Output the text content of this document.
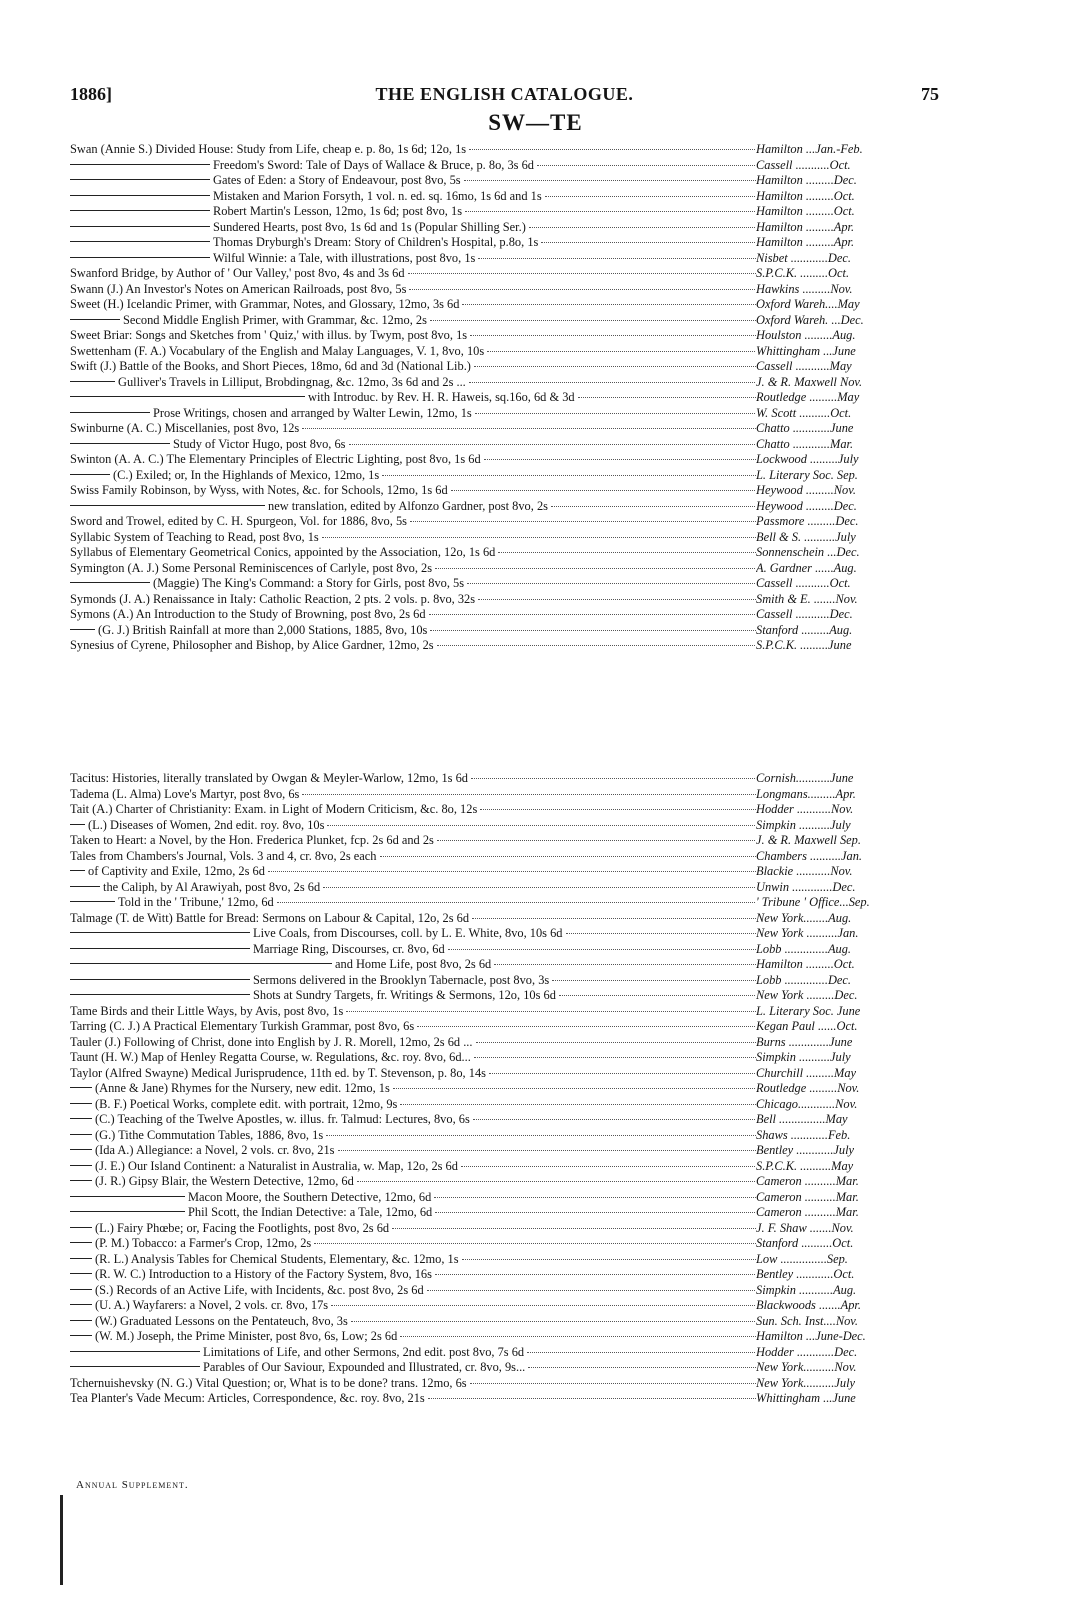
1886]	THE ENGLISH CATALOGUE.	75
SW—TE
Swan (Annie S.) Divided House: Study from Life, cheap e. p. 8o, 1s 6d; 12o, 1s	Hamilton ...Jan.-Feb.
Freedom's Sword: Tale of Days of Wallace & Bruce, p. 8o, 3s 6d	Cassell ...........Oct.
Gates of Eden: a Story of Endeavour, post 8vo, 5s	Hamilton .........Dec.
Mistaken and Marion Forsyth, 1 vol. n. ed. sq. 16mo, 1s 6d and 1s	Hamilton .........Oct.
Robert Martin's Lesson, 12mo, 1s 6d; post 8vo, 1s	Hamilton .........Oct.
Sundered Hearts, post 8vo, 1s 6d and 1s (Popular Shilling Ser.)	Hamilton .........Apr.
Thomas Dryburgh's Dream: Story of Children's Hospital, p.8o, 1s	Hamilton .........Apr.
Wilful Winnie: a Tale, with illustrations, post 8vo, 1s	Nisbet ............Dec.
Swanford Bridge, by Author of ' Our Valley,' post 8vo, 4s and 3s 6d	S.P.C.K. .........Oct.
Swann (J.) An Investor's Notes on American Railroads, post 8vo, 5s	Hawkins .........Nov.
Sweet (H.) Icelandic Primer, with Grammar, Notes, and Glossary, 12mo, 3s 6d	Oxford Wareh....May
Second Middle English Primer, with Grammar, &c. 12mo, 2s	Oxford Wareh. ...Dec.
Sweet Briar: Songs and Sketches from ' Quiz,' with illus. by Twym, post 8vo, 1s	Houlston .........Aug.
Swettenham (F. A.) Vocabulary of the English and Malay Languages, V. 1, 8vo, 10s	Whittingham ...June
Swift (J.) Battle of the Books, and Short Pieces, 18mo, 6d and 3d (National Lib.)	Cassell ...........May
Gulliver's Travels in Lilliput, Brobdingnag, &c. 12mo, 3s 6d and 2s ...	J. & R. Maxwell Nov.
with Introduc. by Rev. H. R. Haweis, sq.16o, 6d & 3d	Routledge .........May
Prose Writings, chosen and arranged by Walter Lewin, 12mo, 1s	W. Scott ..........Oct.
Swinburne (A. C.) Miscellanies, post 8vo, 12s	Chatto ............June
Study of Victor Hugo, post 8vo, 6s	Chatto ............Mar.
Swinton (A. A. C.) The Elementary Principles of Electric Lighting, post 8vo, 1s 6d	Lockwood .........July
(C.) Exiled; or, In the Highlands of Mexico, 12mo, 1s	L. Literary Soc. Sep.
Swiss Family Robinson, by Wyss, with Notes, &c. for Schools, 12mo, 1s 6d	Heywood .........Nov.
new translation, edited by Alfonzo Gardner, post 8vo, 2s	Heywood .........Dec.
Sword and Trowel, edited by C. H. Spurgeon, Vol. for 1886, 8vo, 5s	Passmore .........Dec.
Syllabic System of Teaching to Read, post 8vo, 1s	Bell & S. ..........July
Syllabus of Elementary Geometrical Conics, appointed by the Association, 12o, 1s 6d	Sonnenschein ...Dec.
Symington (A. J.) Some Personal Reminiscences of Carlyle, post 8vo, 2s	A. Gardner ......Aug.
(Maggie) The King's Command: a Story for Girls, post 8vo, 5s	Cassell ...........Oct.
Symonds (J. A.) Renaissance in Italy: Catholic Reaction, 2 pts. 2 vols. p. 8vo, 32s	Smith & E. .......Nov.
Symons (A.) An Introduction to the Study of Browning, post 8vo, 2s 6d	Cassell ...........Dec.
(G. J.) British Rainfall at more than 2,000 Stations, 1885, 8vo, 10s	Stanford .........Aug.
Synesius of Cyrene, Philosopher and Bishop, by Alice Gardner, 12mo, 2s	S.P.C.K. .........June
Tacitus: Histories, literally translated by Owgan & Meyler-Warlow, 12mo, 1s 6d	Cornish...........June
Tadema (L. Alma) Love's Martyr, post 8vo, 6s	Longmans.........Apr.
Tait (A.) Charter of Christianity: Exam. in Light of Modern Criticism, &c. 8o, 12s	Hodder ...........Nov.
(L.) Diseases of Women, 2nd edit. roy. 8vo, 10s	Simpkin ..........July
Taken to Heart: a Novel, by the Hon. Frederica Plunket, fcp. 2s 6d and 2s	J. & R. Maxwell Sep.
Tales from Chambers's Journal, Vols. 3 and 4, cr. 8vo, 2s each	Chambers ..........Jan.
of Captivity and Exile, 12mo, 2s 6d	Blackie ...........Nov.
the Caliph, by Al Arawiyah, post 8vo, 2s 6d	Unwin .............Dec.
Told in the ' Tribune,' 12mo, 6d	' Tribune ' Office...Sep.
Talmage (T. de Witt) Battle for Bread: Sermons on Labour & Capital, 12o, 2s 6d	New York........Aug.
Live Coals, from Discourses, coll. by L. E. White, 8vo, 10s 6d	New York ..........Jan.
Marriage Ring, Discourses, cr. 8vo, 6d	Lobb ..............Aug.
and Home Life, post 8vo, 2s 6d	Hamilton .........Oct.
Sermons delivered in the Brooklyn Tabernacle, post 8vo, 3s	Lobb ..............Dec.
Shots at Sundry Targets, fr. Writings & Sermons, 12o, 10s 6d	New York .........Dec.
Tame Birds and their Little Ways, by Avis, post 8vo, 1s	L. Literary Soc. June
Tarring (C. J.) A Practical Elementary Turkish Grammar, post 8vo, 6s	Kegan Paul ......Oct.
Tauler (J.) Following of Christ, done into English by J. R. Morell, 12mo, 2s 6d ...	Burns .............June
Taunt (H. W.) Map of Henley Regatta Course, w. Regulations, &c. roy. 8vo, 6d...	Simpkin ..........July
Taylor (Alfred Swayne) Medical Jurisprudence, 11th ed. by T. Stevenson, p. 8o, 14s	Churchill .........May
(Anne & Jane) Rhymes for the Nursery, new edit. 12mo, 1s	Routledge .........Nov.
(B. F.) Poetical Works, complete edit. with portrait, 12mo, 9s	Chicago............Nov.
(C.) Teaching of the Twelve Apostles, w. illus. fr. Talmud: Lectures, 8vo, 6s	Bell ...............May
(G.) Tithe Commutation Tables, 1886, 8vo, 1s	Shaws ............Feb.
(Ida A.) Allegiance: a Novel, 2 vols. cr. 8vo, 21s	Bentley ............July
(J. E.) Our Island Continent: a Naturalist in Australia, w. Map, 12o, 2s 6d	S.P.C.K. ..........May
(J. R.) Gipsy Blair, the Western Detective, 12mo, 6d	Cameron ..........Mar.
Macon Moore, the Southern Detective, 12mo, 6d	Cameron ..........Mar.
Phil Scott, the Indian Detective: a Tale, 12mo, 6d	Cameron ..........Mar.
(L.) Fairy Phœbe; or, Facing the Footlights, post 8vo, 2s 6d	J. F. Shaw .......Nov.
(P. M.) Tobacco: a Farmer's Crop, 12mo, 2s	Stanford ..........Oct.
(R. L.) Analysis Tables for Chemical Students, Elementary, &c. 12mo, 1s	Low ...............Sep.
(R. W. C.) Introduction to a History of the Factory System, 8vo, 16s	Bentley ............Oct.
(S.) Records of an Active Life, with Incidents, &c. post 8vo, 2s 6d	Simpkin ...........Aug.
(U. A.) Wayfarers: a Novel, 2 vols. cr. 8vo, 17s	Blackwoods .......Apr.
(W.) Graduated Lessons on the Pentateuch, 8vo, 3s	Sun. Sch. Inst....Nov.
(W. M.) Joseph, the Prime Minister, post 8vo, 6s, Low; 2s 6d	Hamilton ...June-Dec.
Limitations of Life, and other Sermons, 2nd edit. post 8vo, 7s 6d	Hodder ............Dec.
Parables of Our Saviour, Expounded and Illustrated, cr. 8vo, 9s...	New York..........Nov.
Tchernuishevsky (N. G.) Vital Question; or, What is to be done? trans. 12mo, 6s	New York..........July
Tea Planter's Vade Mecum: Articles, Correspondence, &c. roy. 8vo, 21s	Whittingham ...June
Annual Supplement.
